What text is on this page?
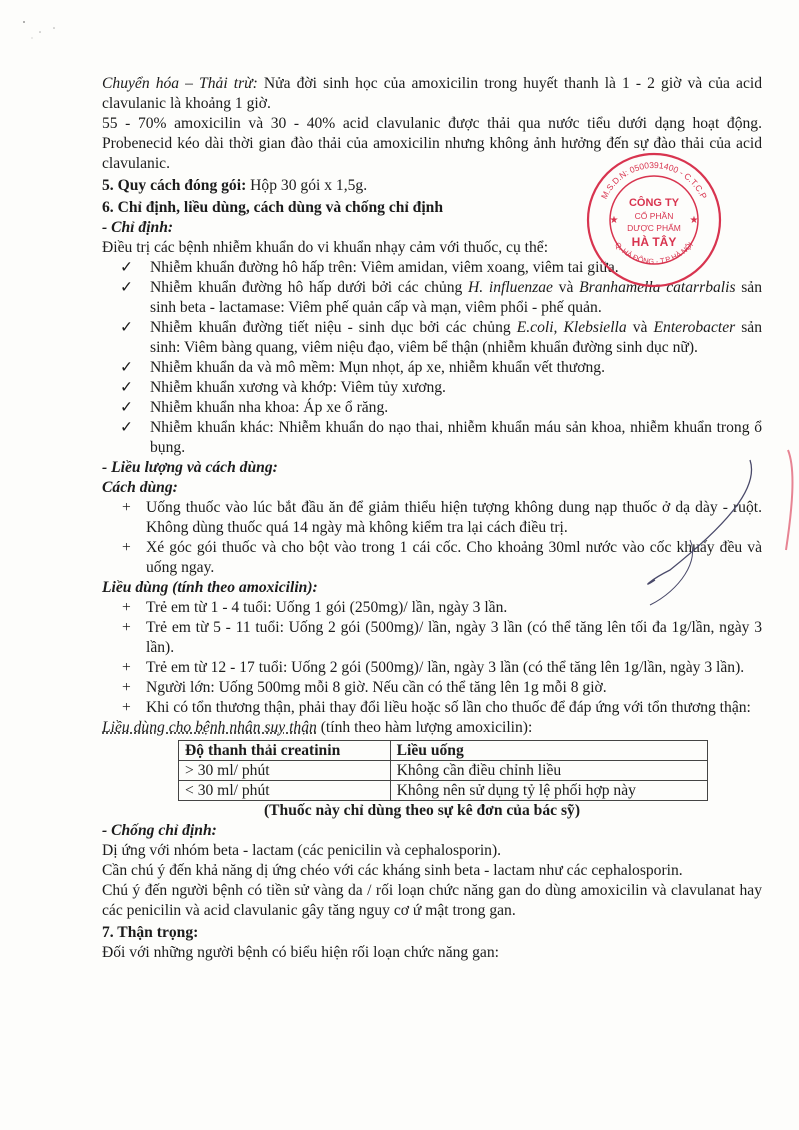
Chuyển hóa – Thải trừ: Nửa đời sinh học của amoxicilin trong huyết thanh là 1 - 2 giờ và của acid clavulanic là khoảng 1 giờ.

55 - 70% amoxicilin và 30 - 40% acid clavulanic được thải qua nước tiểu dưới dạng hoạt động. Probenecid kéo dài thời gian đào thải của amoxicilin nhưng không ảnh hưởng đến sự đào thải của acid clavulanic.

5. Quy cách đóng gói: Hộp 30 gói x 1,5g.

6. Chỉ định, liều dùng, cách dùng và chống chỉ định

- Chỉ định:

Điều trị các bệnh nhiễm khuẩn do vi khuẩn nhạy cảm với thuốc, cụ thể:

✓	Nhiễm khuẩn đường hô hấp trên: Viêm amidan, viêm xoang, viêm tai giữa.
✓	Nhiễm khuẩn đường hô hấp dưới bởi các chủng H. influenzae và Branhamella catarrbalis sản sinh beta - lactamase: Viêm phế quản cấp và mạn, viêm phổi - phế quản.
✓	Nhiễm khuẩn đường tiết niệu - sinh dục bởi các chủng E.coli, Klebsiella và Enterobacter sản sinh: Viêm bàng quang, viêm niệu đạo, viêm bể thận (nhiễm khuẩn đường sinh dục nữ).
✓	Nhiễm khuẩn da và mô mềm: Mụn nhọt, áp xe, nhiễm khuẩn vết thương.
✓	Nhiễm khuẩn xương và khớp: Viêm tủy xương.
✓	Nhiễm khuẩn nha khoa: Áp xe ổ răng.
✓	Nhiễm khuẩn khác: Nhiễm khuẩn do nạo thai, nhiễm khuẩn máu sản khoa, nhiễm khuẩn trong ổ bụng.

- Liều lượng và cách dùng:

Cách dùng:

+ Uống thuốc vào lúc bắt đầu ăn để giảm thiểu hiện tượng không dung nạp thuốc ở dạ dày - ruột. Không dùng thuốc quá 14 ngày mà không kiểm tra lại cách điều trị.
+ Xé góc gói thuốc và cho bột vào trong 1 cái cốc. Cho khoảng 30ml nước vào cốc khuấy đều và uống ngay.

Liều dùng (tính theo amoxicilin):

+ Trẻ em từ 1 - 4 tuổi: Uống 1 gói (250mg)/ lần, ngày 3 lần.
+ Trẻ em từ 5 - 11 tuổi: Uống 2 gói (500mg)/ lần, ngày 3 lần (có thể tăng lên tối đa 1g/lần, ngày 3 lần).
+ Trẻ em từ 12 - 17 tuổi: Uống 2 gói (500mg)/ lần, ngày 3 lần (có thể tăng lên 1g/lần, ngày 3 lần).
+ Người lớn: Uống 500mg mỗi 8 giờ. Nếu cần có thể tăng lên 1g mỗi 8 giờ.
+ Khi có tổn thương thận, phải thay đổi liều hoặc số lần cho thuốc để đáp ứng với tổn thương thận:

Liều dùng cho bệnh nhân suy thận (tính theo hàm lượng amoxicilin):

Độ thanh thải creatinin	Liều uống
> 30 ml/ phút	Không cần điều chỉnh liều
< 30 ml/ phút	Không nên sử dụng tỷ lệ phối hợp này

(Thuốc này chỉ dùng theo sự kê đơn của bác sỹ)

- Chống chỉ định:

Dị ứng với nhóm beta - lactam (các penicilin và cephalosporin).

Cần chú ý đến khả năng dị ứng chéo với các kháng sinh beta - lactam như các cephalosporin.

Chú ý đến người bệnh có tiền sử vàng da / rối loạn chức năng gan do dùng amoxicilin và clavulanat hay các penicilin và acid clavulanic gây tăng nguy cơ ứ mật trong gan.

7. Thận trọng:

Đối với những người bệnh có biểu hiện rối loạn chức năng gan:

M.S.D.N: 0500391400 - C.T.C.P
Q. HÀ ĐÔNG - T.P HÀ NỘI
CÔNG TY
CỔ PHẦN
DƯỢC PHẨM
HÀ TÂY
★	★
